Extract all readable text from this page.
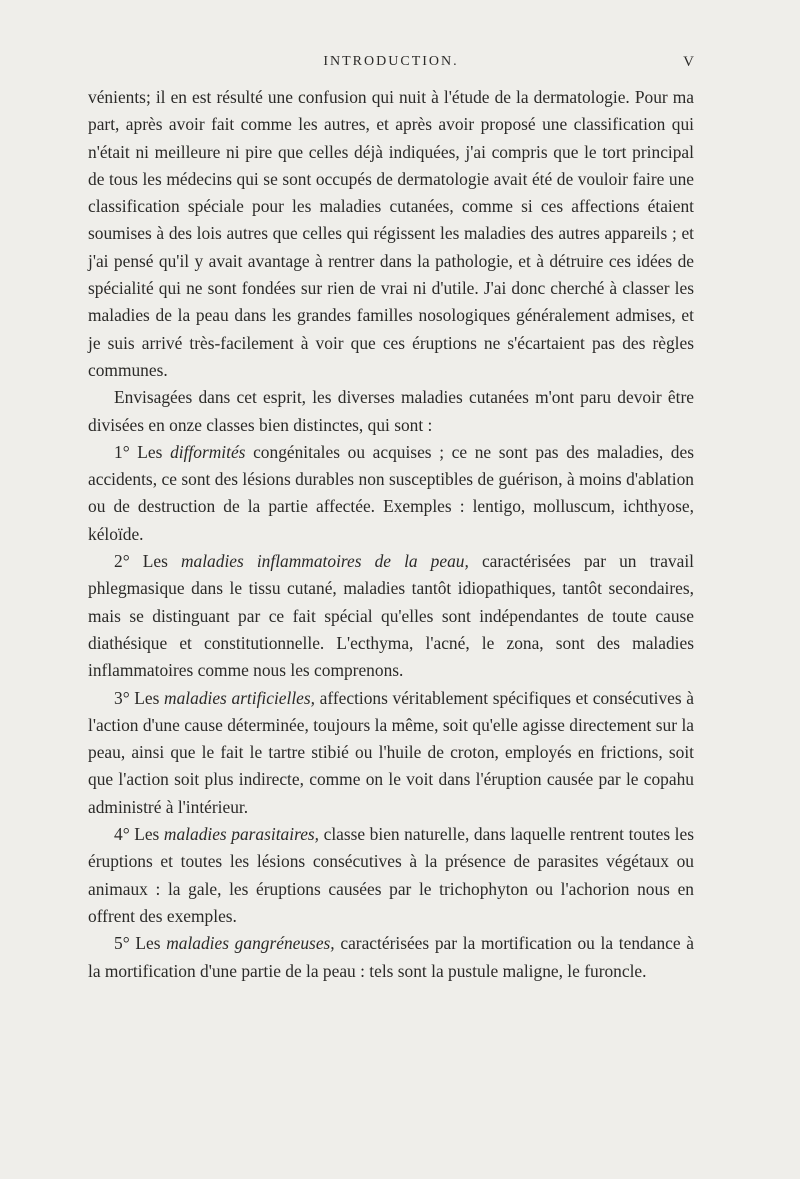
INTRODUCTION.	V

vénients; il en est résulté une confusion qui nuit à l'étude de la dermatologie. Pour ma part, après avoir fait comme les autres, et après avoir proposé une classification qui n'était ni meilleure ni pire que celles déjà indiquées, j'ai compris que le tort principal de tous les médecins qui se sont occupés de dermatologie avait été de vouloir faire une classification spéciale pour les maladies cutanées, comme si ces affections étaient soumises à des lois autres que celles qui régissent les maladies des autres appareils ; et j'ai pensé qu'il y avait avantage à rentrer dans la pathologie, et à détruire ces idées de spécialité qui ne sont fondées sur rien de vrai ni d'utile. J'ai donc cherché à classer les maladies de la peau dans les grandes familles nosologiques généralement admises, et je suis arrivé très-facilement à voir que ces éruptions ne s'écartaient pas des règles communes.

Envisagées dans cet esprit, les diverses maladies cutanées m'ont paru devoir être divisées en onze classes bien distinctes, qui sont :

1° Les difformités congénitales ou acquises ; ce ne sont pas des maladies, des accidents, ce sont des lésions durables non susceptibles de guérison, à moins d'ablation ou de destruction de la partie affectée. Exemples : lentigo, molluscum, ichthyose, kéloïde.

2° Les maladies inflammatoires de la peau, caractérisées par un travail phlegmasique dans le tissu cutané, maladies tantôt idiopathiques, tantôt secondaires, mais se distinguant par ce fait spécial qu'elles sont indépendantes de toute cause diathésique et constitutionnelle. L'ecthyma, l'acné, le zona, sont des maladies inflammatoires comme nous les comprenons.

3° Les maladies artificielles, affections véritablement spécifiques et consécutives à l'action d'une cause déterminée, toujours la même, soit qu'elle agisse directement sur la peau, ainsi que le fait le tartre stibié ou l'huile de croton, employés en frictions, soit que l'action soit plus indirecte, comme on le voit dans l'éruption causée par le copahu administré à l'intérieur.

4° Les maladies parasitaires, classe bien naturelle, dans laquelle rentrent toutes les éruptions et toutes les lésions consécutives à la présence de parasites végétaux ou animaux : la gale, les éruptions causées par le trichophyton ou l'achorion nous en offrent des exemples.

5° Les maladies gangréneuses, caractérisées par la mortification ou la tendance à la mortification d'une partie de la peau : tels sont la pustule maligne, le furoncle.
